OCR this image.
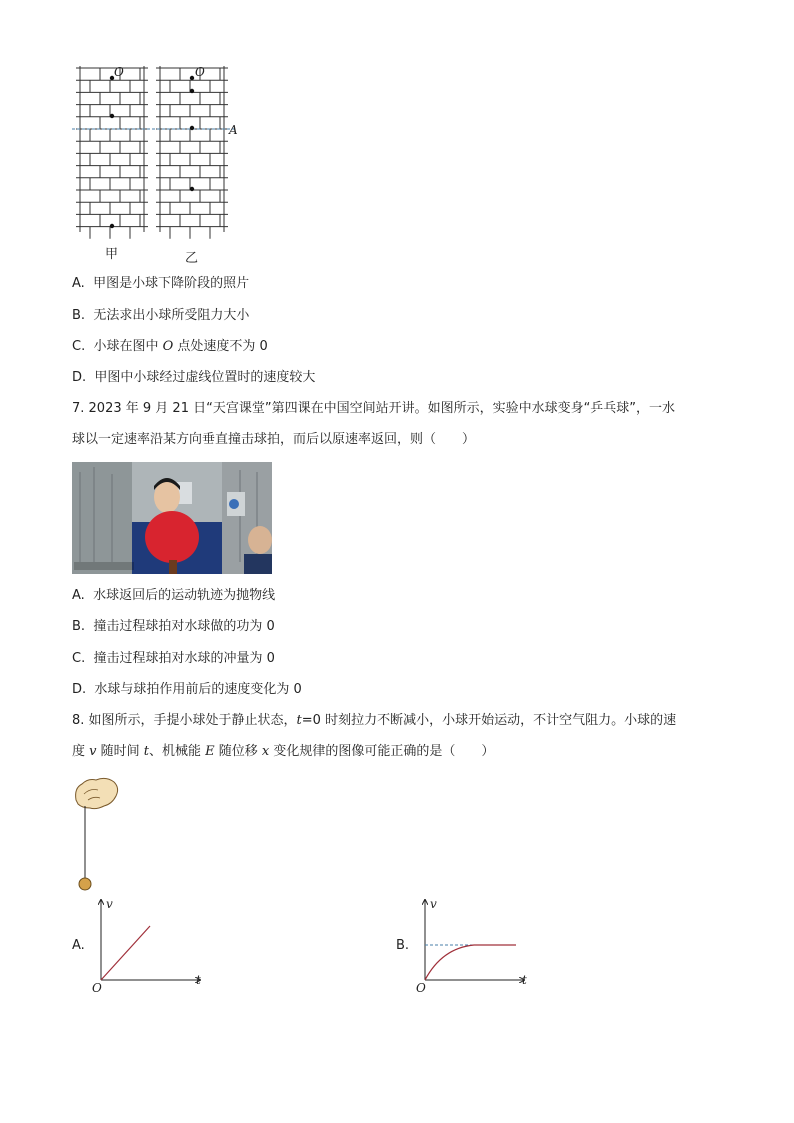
O	O
A
甲	乙
A. 甲图是小球下降阶段的照片
B. 无法求出小球所受阻力大小
C. 小球在图中 O 点处速度不为 0
D. 甲图中小球经过虚线位置时的速度较大
7. 2023 年 9 月 21 日“天宫课堂”第四课在中国空间站开讲。如图所示，实验中水球变身“乒乓球”，一水
球以一定速率沿某方向垂直撞击球拍，而后以原速率返回，则（　　）
A. 水球返回后的运动轨迹为抛物线
B. 撞击过程球拍对水球做的功为 0
C. 撞击过程球拍对水球的冲量为 0
D. 水球与球拍作用前后的速度变化为 0
8. 如图所示，手提小球处于静止状态，t=0 时刻拉力不断减小，小球开始运动，不计空气阻力。小球的速
度 v 随时间 t、机械能 E 随位移 x 变化规律的图像可能正确的是（　　）
A.
v
t
O
B.
v
t
O
